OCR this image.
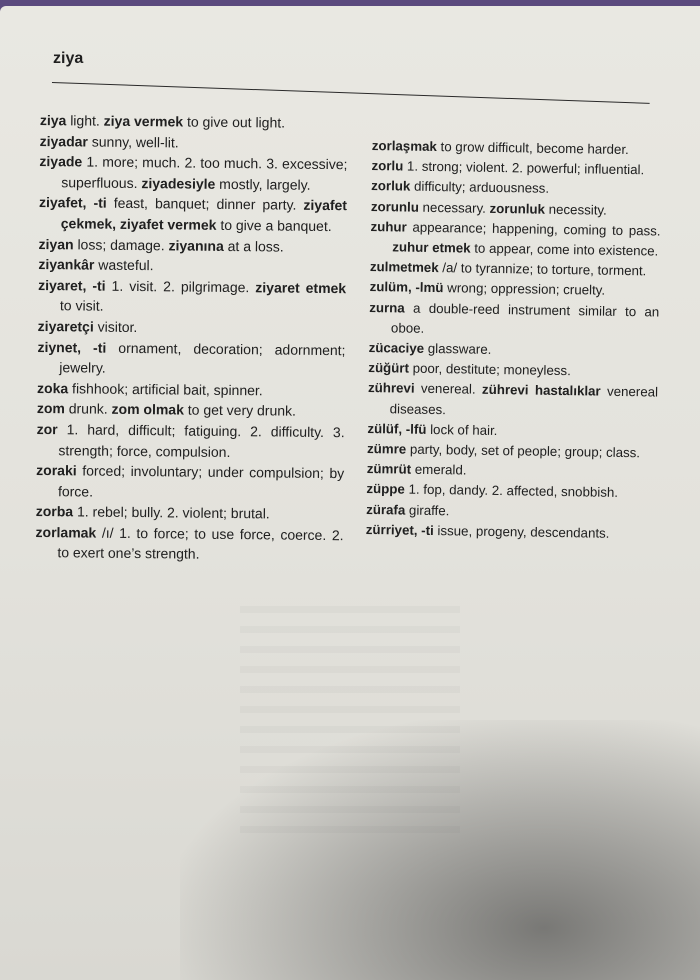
ziya

ziya light. ziya vermek to give out light.

ziyadar sunny, well-lit.

ziyade 1. more; much. 2. too much. 3. excessive; superfluous. ziyadesiyle mostly, largely.

ziyafet, -ti feast, banquet; dinner party. ziyafet çekmek, ziyafet vermek to give a banquet.

ziyan loss; damage. ziyanına at a loss.

ziyankâr wasteful.

ziyaret, -ti 1. visit. 2. pilgrimage. ziyaret etmek to visit.

ziyaretçi visitor.

ziynet, -ti ornament, decoration; adornment; jewelry.

zoka fishhook; artificial bait, spinner.

zom drunk. zom olmak to get very drunk.

zor 1. hard, difficult; fatiguing. 2. difficulty. 3. strength; force, compulsion.

zoraki forced; involuntary; under compulsion; by force.

zorba 1. rebel; bully. 2. violent; brutal.

zorlamak /ı/ 1. to force; to use force, coerce. 2. to exert one’s strength.

zorlaşmak to grow difficult, become harder.

zorlu 1. strong; violent. 2. powerful; influential.

zorluk difficulty; arduousness.

zorunlu necessary. zorunluk necessity.

zuhur appearance; happening, coming to pass. zuhur etmek to appear, come into existence.

zulmetmek /a/ to tyrannize; to torture, torment.

zulüm, -lmü wrong; oppression; cruelty.

zurna a double-reed instrument similar to an oboe.

zücaciye glassware.

züğürt poor, destitute; moneyless.

zührevi venereal. zührevi hastalıklar venereal diseases.

zülüf, -lfü lock of hair.

zümre party, body, set of people; group; class.

zümrüt emerald.

züppe 1. fop, dandy. 2. affected, snobbish.

zürafa giraffe.

zürriyet, -ti issue, progeny, descendants.
